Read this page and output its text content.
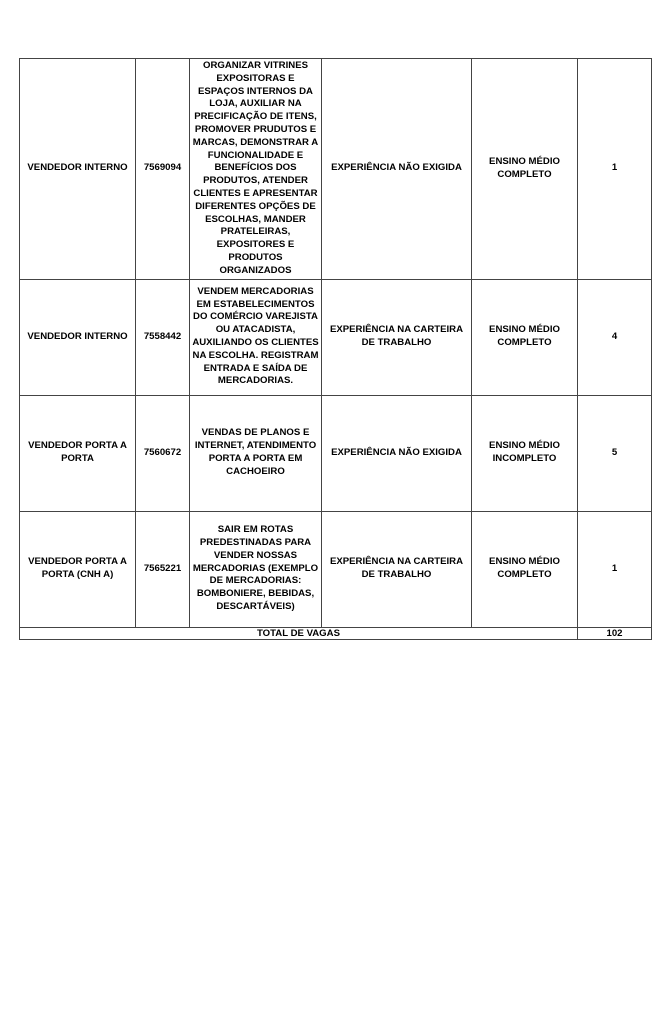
VENDEDOR INTERNO	7569094	ORGANIZAR VITRINES EXPOSITORAS E ESPAÇOS INTERNOS DA LOJA, AUXILIAR NA PRECIFICAÇÃO DE ITENS, PROMOVER PRUDUTOS E MARCAS, DEMONSTRAR A FUNCIONALIDADE E BENEFÍCIOS DOS PRODUTOS, ATENDER CLIENTES E APRESENTAR DIFERENTES OPÇÕES DE ESCOLHAS, MANDER PRATELEIRAS, EXPOSITORES E PRODUTOS ORGANIZADOS	EXPERIÊNCIA NÃO EXIGIDA	ENSINO MÉDIO COMPLETO	1
VENDEDOR INTERNO	7558442	VENDEM MERCADORIAS EM ESTABELECIMENTOS DO COMÉRCIO VAREJISTA OU ATACADISTA, AUXILIANDO OS CLIENTES NA ESCOLHA. REGISTRAM ENTRADA E SAÍDA DE MERCADORIAS.	EXPERIÊNCIA NA CARTEIRA DE TRABALHO	ENSINO MÉDIO COMPLETO	4
VENDEDOR PORTA A PORTA	7560672	VENDAS DE PLANOS E INTERNET, ATENDIMENTO PORTA A PORTA EM CACHOEIRO	EXPERIÊNCIA NÃO EXIGIDA	ENSINO MÉDIO INCOMPLETO	5
VENDEDOR PORTA A PORTA (CNH A)	7565221	SAIR EM ROTAS PREDESTINADAS PARA VENDER NOSSAS MERCADORIAS (EXEMPLO DE MERCADORIAS: BOMBONIERE, BEBIDAS, DESCARTÁVEIS)	EXPERIÊNCIA NA CARTEIRA DE TRABALHO	ENSINO MÉDIO COMPLETO	1
TOTAL DE VAGAS					102
